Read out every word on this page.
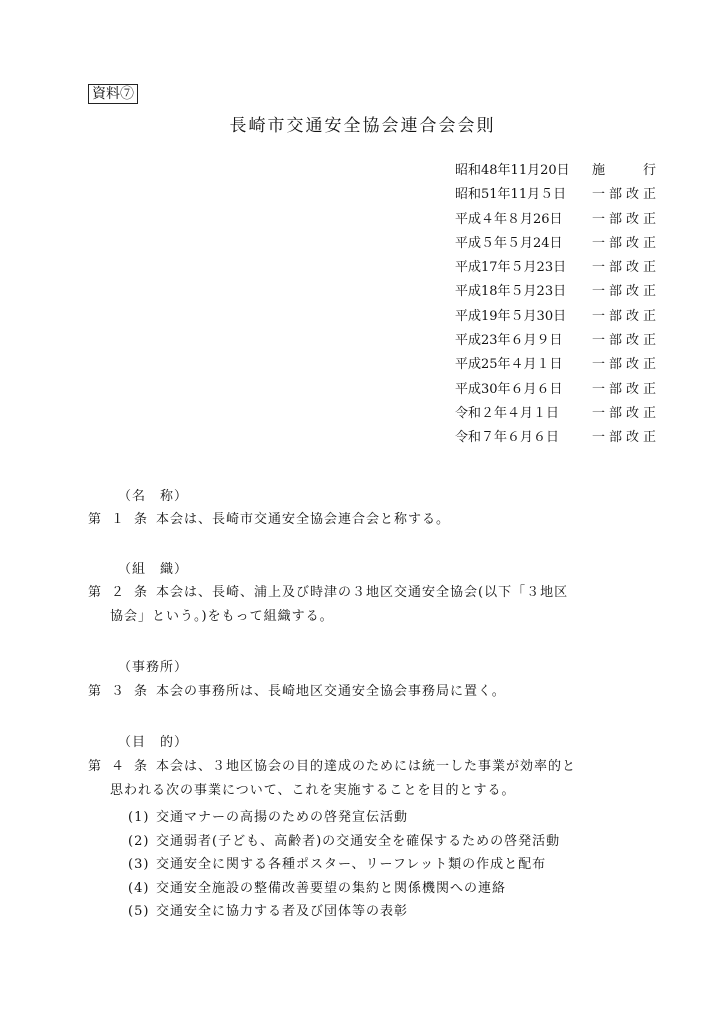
資料⑦
長崎市交通安全協会連合会会則
昭和48年11月20日	施行
昭和51年11月５日	一部改正
平成４年８月26日	一部改正
平成５年５月24日	一部改正
平成17年５月23日	一部改正
平成18年５月23日	一部改正
平成19年５月30日	一部改正
平成23年６月９日	一部改正
平成25年４月１日	一部改正
平成30年６月６日	一部改正
令和２年４月１日	一部改正
令和７年６月６日	一部改正
（名　称）
第１条 本会は、長崎市交通安全協会連合会と称する。
（組　織）
第２条 本会は、長崎、浦上及び時津の３地区交通安全協会(以下「３地区
協会」という。)をもって組織する。
（事務所）
第３条 本会の事務所は、長崎地区交通安全協会事務局に置く。
（目　的）
第４条 本会は、３地区協会の目的達成のためには統一した事業が効率的と
思われる次の事業について、これを実施することを目的とする。
(1) 交通マナーの高揚のための啓発宣伝活動
(2) 交通弱者(子ども、高齢者)の交通安全を確保するための啓発活動
(3) 交通安全に関する各種ポスター、リーフレット類の作成と配布
(4) 交通安全施設の整備改善要望の集約と関係機関への連絡
(5) 交通安全に協力する者及び団体等の表彰
